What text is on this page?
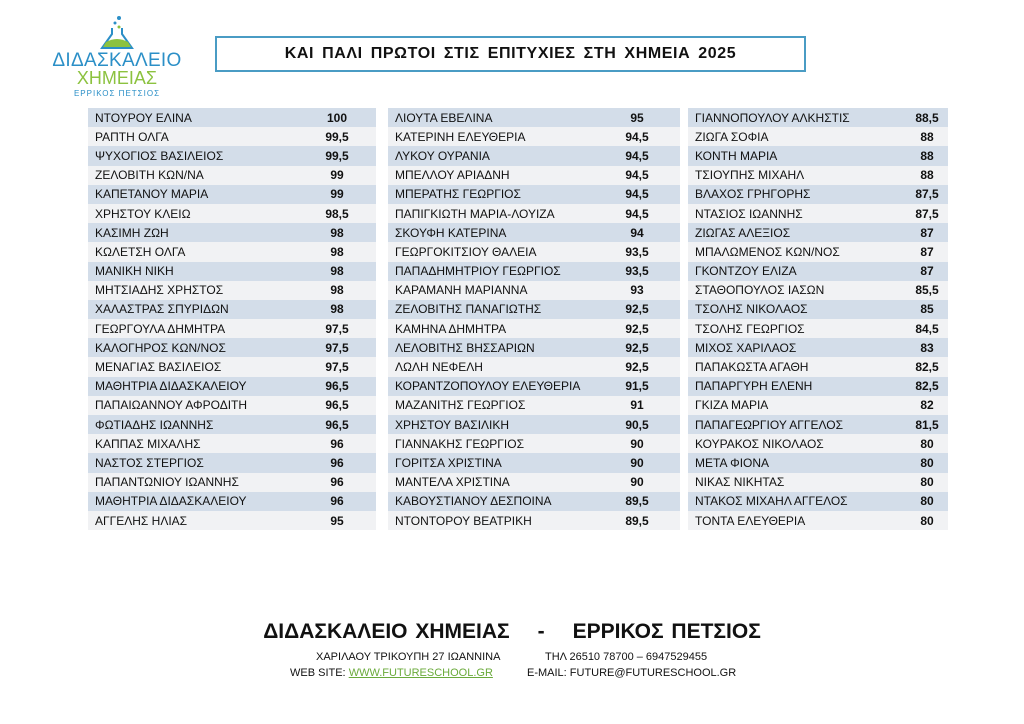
ΔΙΔΑΣΚΑΛΕΙΟ
ΧΗΜΕΙΑΣ
ΕΡΡΙΚΟΣ ΠΕΤΣΙΟΣ
ΚΑΙ ΠΑΛΙ ΠΡΩΤΟΙ ΣΤΙΣ ΕΠΙΤΥΧΙΕΣ ΣΤΗ ΧΗΜΕΙΑ 2025
ΝΤΟΥΡΟΥ ΕΛΙΝΑ	100
ΡΑΠΤΗ ΟΛΓΑ	99,5
ΨΥΧΟΓΙΟΣ ΒΑΣΙΛΕΙΟΣ	99,5
ΖΕΛΟΒΙΤΗ ΚΩΝ/ΝΑ	99
ΚΑΠΕΤΑΝΟΥ ΜΑΡΙΑ	99
ΧΡΗΣΤΟΥ ΚΛΕΙΩ	98,5
ΚΑΣΙΜΗ ΖΩΗ	98
ΚΩΛΕΤΣΗ ΟΛΓΑ	98
ΜΑΝΙΚΗ ΝΙΚΗ	98
ΜΗΤΣΙΑΔΗΣ ΧΡΗΣΤΟΣ	98
ΧΑΛΑΣΤΡΑΣ ΣΠΥΡΙΔΩΝ	98
ΓΕΩΡΓΟΥΛΑ ΔΗΜΗΤΡΑ	97,5
ΚΑΛΟΓΗΡΟΣ ΚΩΝ/ΝΟΣ	97,5
ΜΕΝΑΓΙΑΣ ΒΑΣΙΛΕΙΟΣ	97,5
ΜΑΘΗΤΡΙΑ ΔΙΔΑΣΚΑΛΕΙΟΥ	96,5
ΠΑΠΑΙΩΑΝΝΟΥ ΑΦΡΟΔΙΤΗ	96,5
ΦΩΤΙΑΔΗΣ ΙΩΑΝΝΗΣ	96,5
ΚΑΠΠΑΣ ΜΙΧΑΛΗΣ	96
ΝΑΣΤΟΣ ΣΤΕΡΓΙΟΣ	96
ΠΑΠΑΝΤΩΝΙΟΥ ΙΩΑΝΝΗΣ	96
ΜΑΘΗΤΡΙΑ ΔΙΔΑΣΚΑΛΕΙΟΥ	96
ΑΓΓΕΛΗΣ ΗΛΙΑΣ	95
ΛΙΟΥΤΑ ΕΒΕΛΙΝΑ	95
ΚΑΤΕΡΙΝΗ ΕΛΕΥΘΕΡΙΑ	94,5
ΛΥΚΟΥ ΟΥΡΑΝΙΑ	94,5
ΜΠΕΛΛΟΥ ΑΡΙΑΔΝΗ	94,5
ΜΠΕΡΑΤΗΣ ΓΕΩΡΓΙΟΣ	94,5
ΠΑΠΙΓΚΙΩΤΗ ΜΑΡΙΑ-ΛΟΥΙΖΑ	94,5
ΣΚΟΥΦΗ ΚΑΤΕΡΙΝΑ	94
ΓΕΩΡΓΟΚΙΤΣΙΟΥ ΘΑΛΕΙΑ	93,5
ΠΑΠΑΔΗΜΗΤΡΙΟΥ ΓΕΩΡΓΙΟΣ	93,5
ΚΑΡΑΜΑΝΗ ΜΑΡΙΑΝΝΑ	93
ΖΕΛΟΒΙΤΗΣ ΠΑΝΑΓΙΩΤΗΣ	92,5
ΚΑΜΗΝΑ ΔΗΜΗΤΡΑ	92,5
ΛΕΛΟΒΙΤΗΣ ΒΗΣΣΑΡΙΩΝ	92,5
ΛΩΛΗ ΝΕΦΕΛΗ	92,5
ΚΟΡΑΝΤΖΟΠΟΥΛΟΥ ΕΛΕΥΘΕΡΙΑ	91,5
ΜΑΖΑΝΙΤΗΣ ΓΕΩΡΓΙΟΣ	91
ΧΡΗΣΤΟΥ ΒΑΣΙΛΙΚΗ	90,5
ΓΙΑΝΝΑΚΗΣ ΓΕΩΡΓΙΟΣ	90
ΓΟΡΙΤΣΑ ΧΡΙΣΤΙΝΑ	90
ΜΑΝΤΕΛΑ ΧΡΙΣΤΙΝΑ	90
ΚΑΒΟΥΣΤΙΑΝΟΥ ΔΕΣΠΟΙΝΑ	89,5
ΝΤΟΝΤΟΡΟΥ ΒΕΑΤΡΙΚΗ	89,5
ΓΙΑΝΝΟΠΟΥΛΟΥ ΑΛΚΗΣΤΙΣ	88,5
ΖΙΩΓΑ ΣΟΦΙΑ	88
ΚΟΝΤΗ ΜΑΡΙΑ	88
ΤΣΙΟΥΠΗΣ ΜΙΧΑΗΛ	88
ΒΛΑΧΟΣ ΓΡΗΓΟΡΗΣ	87,5
ΝΤΑΣΙΟΣ ΙΩΑΝΝΗΣ	87,5
ΖΙΩΓΑΣ ΑΛΕΞΙΟΣ	87
ΜΠΑΛΩΜΕΝΟΣ ΚΩΝ/ΝΟΣ	87
ΓΚΟΝΤΖΟΥ ΕΛΙΖΑ	87
ΣΤΑΘΟΠΟΥΛΟΣ ΙΑΣΩΝ	85,5
ΤΣΟΛΗΣ ΝΙΚΟΛΑΟΣ	85
ΤΣΟΛΗΣ ΓΕΩΡΓΙΟΣ	84,5
ΜΙΧΟΣ ΧΑΡΙΛΑΟΣ	83
ΠΑΠΑΚΩΣΤΑ ΑΓΑΘΗ	82,5
ΠΑΠΑΡΓΥΡΗ ΕΛΕΝΗ	82,5
ΓΚΙΖΑ ΜΑΡΙΑ	82
ΠΑΠΑΓΕΩΡΓΙΟΥ ΑΓΓΕΛΟΣ	81,5
ΚΟΥΡΑΚΟΣ ΝΙΚΟΛΑΟΣ	80
ΜΕΤΑ ΦΙΟΝΑ	80
ΝΙΚΑΣ ΝΙΚΗΤΑΣ	80
ΝΤΑΚΟΣ ΜΙΧΑΗΛ ΑΓΓΕΛΟΣ	80
ΤΟΝΤΑ ΕΛΕΥΘΕΡΙΑ	80
ΔΙΔΑΣΚΑΛΕΙΟ ΧΗΜΕΙΑΣ - ΕΡΡΙΚΟΣ ΠΕΤΣΙΟΣ
ΧΑΡΙΛΑΟΥ ΤΡΙΚΟΥΠΗ 27 ΙΩΑΝΝΙΝΑ	ΤΗΛ 26510 78700 – 6947529455
WEB SITE: WWW.FUTURESCHOOL.GR	E-MAIL: FUTURE@FUTURESCHOOL.GR
